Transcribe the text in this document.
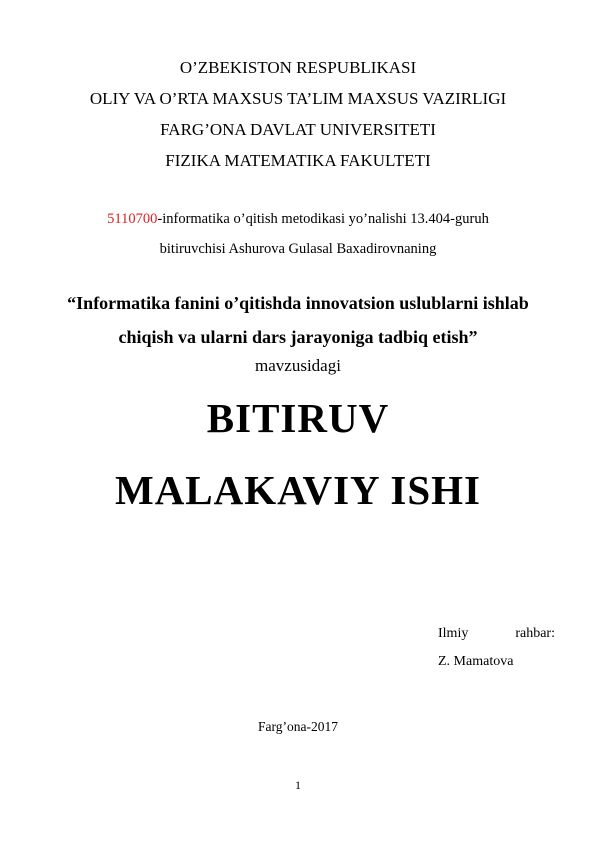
O’ZBEKISTON RESPUBLIKASI
OLIY VA O’RTA MAXSUS TA’LIM MAXSUS VAZIRLIGI
FARG’ONA DAVLAT UNIVERSITETI
FIZIKA MATEMATIKA FAKULTETI
5110700-informatika o’qitish metodikasi yo’nalishi 13.404-guruh
bitiruvchisi Ashurova Gulasal Baxadirovnaning
“Informatika fanini o’qitishda innovatsion uslublarni ishlab
chiqish va ularni dars jarayoniga tadbiq etish”
mavzusidagi
BITIRUV
MALAKAVIY ISHI
Ilmiy	rahbar:
Z. Mamatova
Farg’ona-2017
1
